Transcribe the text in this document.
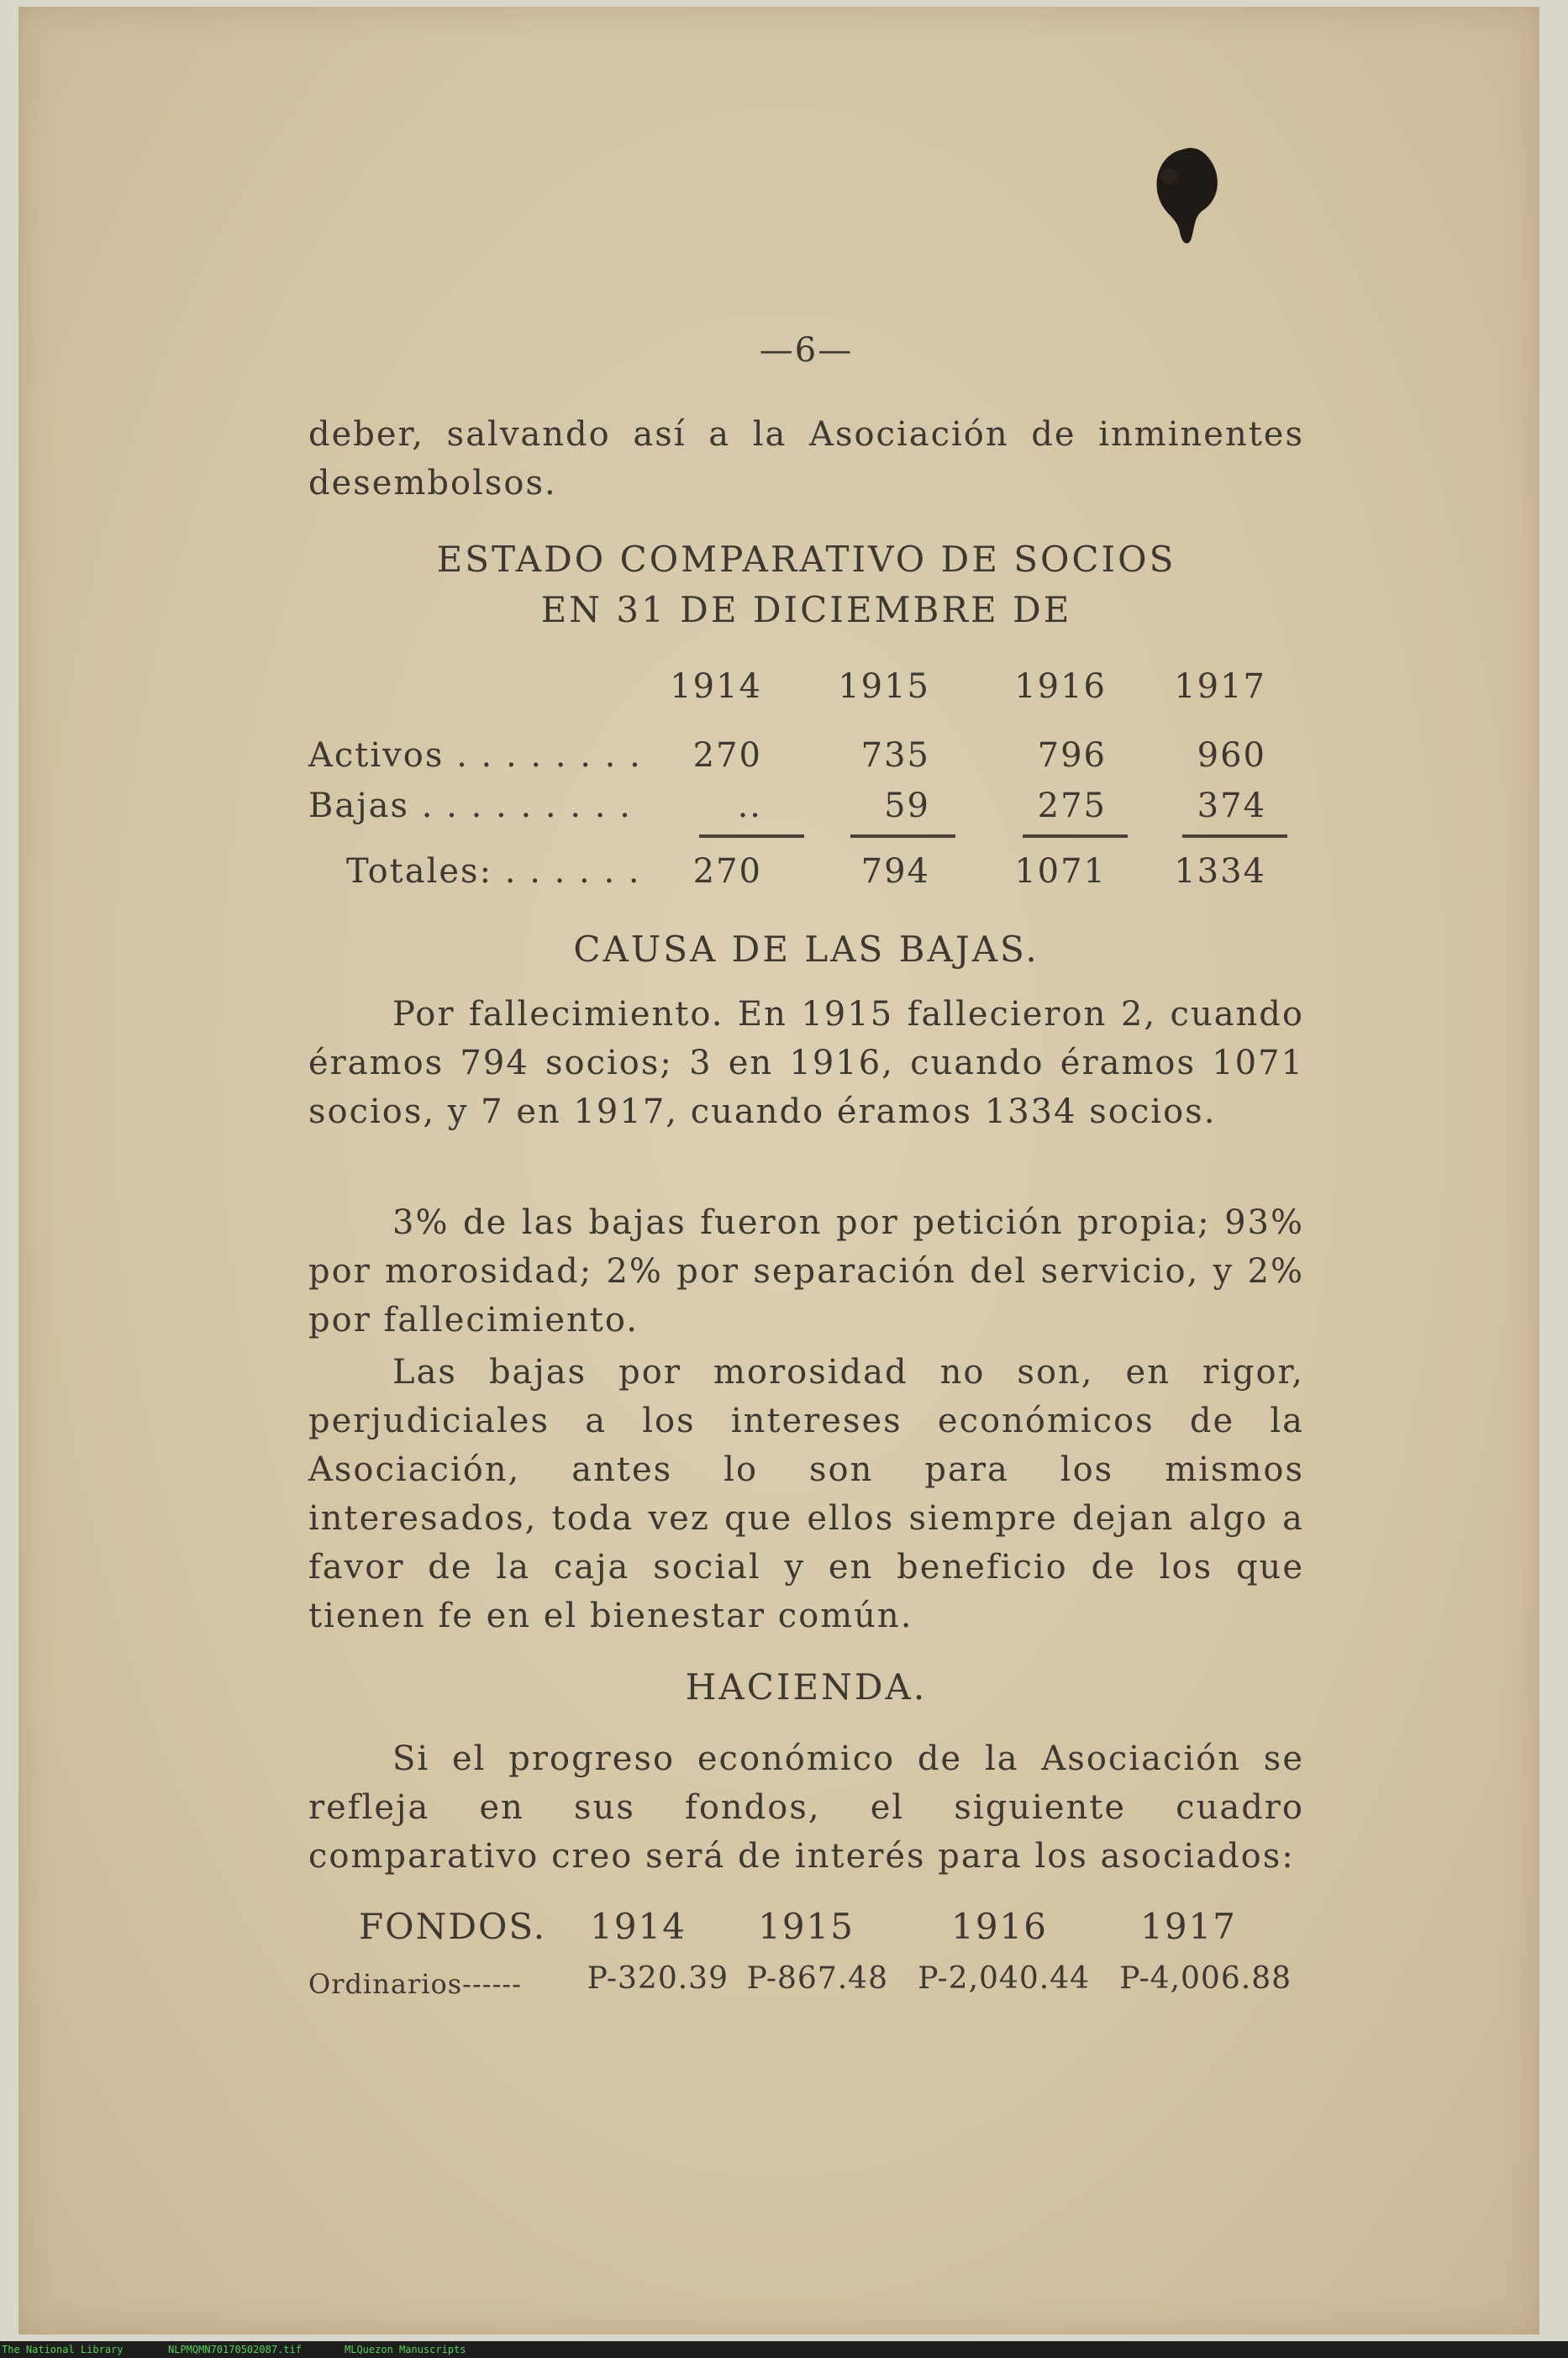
—6—
deber, salvando así a la Asociación de inminentes desembolsos.
ESTADO COMPARATIVO DE SOCIOS
EN 31 DE DICIEMBRE DE
1914 1915	1916 1917
Activos . . . . . . . .	270	735	796	960
Bajas . . . . . . . . .	..	59	275	374
Totales: . . . . . .	270	794	1071 1334
CAUSA DE LAS BAJAS.
Por fallecimiento. En 1915 fallecieron 2, cuando éramos 794 socios; 3 en 1916, cuando éramos 1071 socios, y 7 en 1917, cuando éramos 1334 socios.
3% de las bajas fueron por petición propia; 93% por morosidad; 2% por separación del servicio, y 2% por fallecimiento.
Las bajas por morosidad no son, en rigor, perjudiciales a los intereses económicos de la Asociación, antes lo son para los mismos interesados, toda vez que ellos siempre dejan algo a favor de la caja social y en beneficio de los que tienen fe en el bienestar común.
HACIENDA.
Si el progreso económico de la Asociación se refleja en sus fondos, el siguiente cuadro comparativo creo será de interés para los asociados:
FONDOS. 1914 1915	1916	1917
Ordinarios------ P-320.39 P-867.48 P-2,040.44 P-4,006.88
The National Library	NLPMQMN70170502087.tif	MLQuezon Manuscripts
